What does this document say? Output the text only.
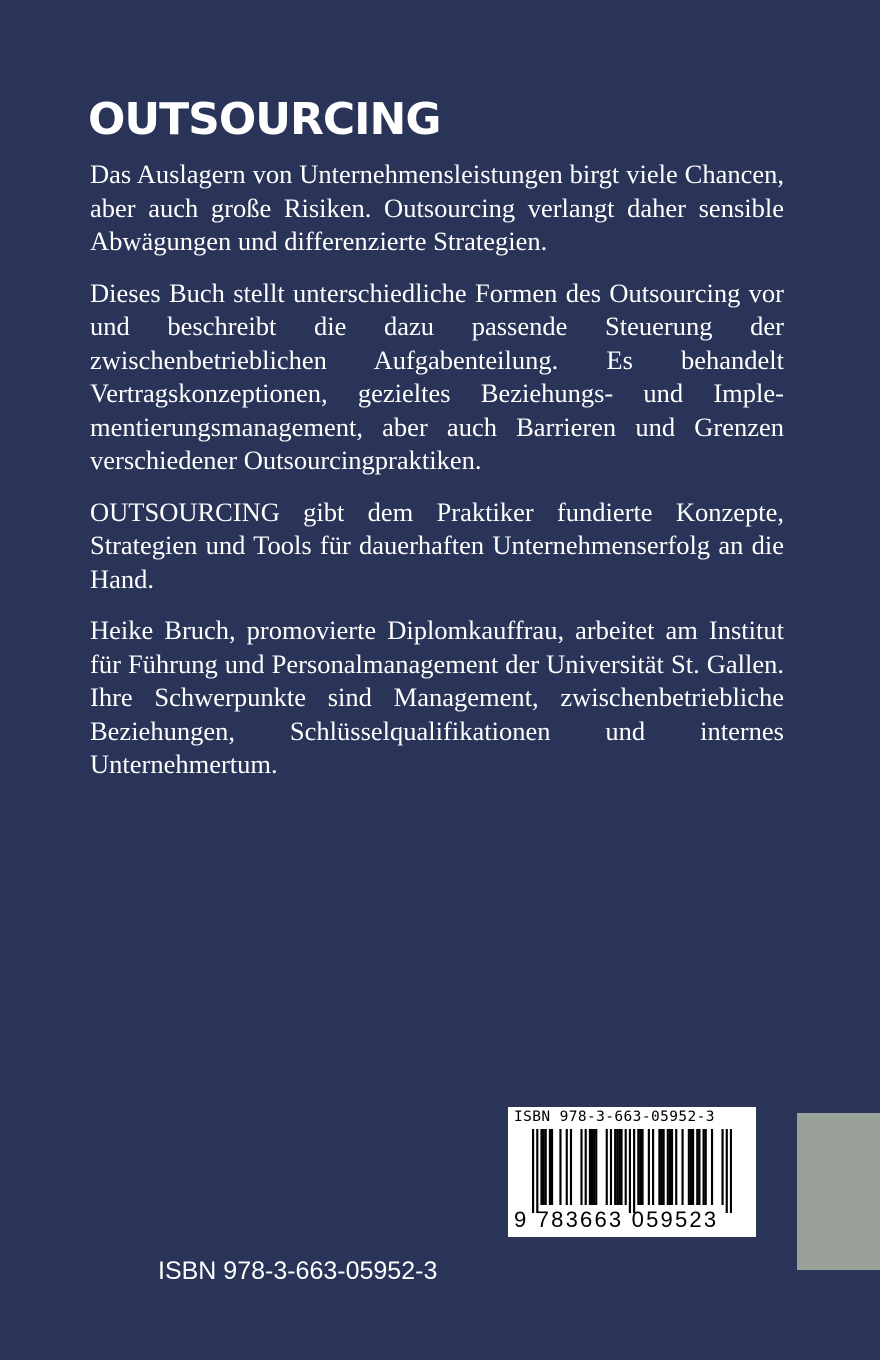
OUTSOURCING

Das Auslagern von Unternehmensleistungen birgt viele Chancen, aber auch große Risiken. Outsourcing verlangt daher sensible Abwägungen und differenzierte Strategien.

Dieses Buch stellt unterschiedliche Formen des Outsourcing vor und beschreibt die dazu passende Steuerung der zwischenbetrieblichen Aufgabenteilung. Es behandelt Vertragskonzeptionen, gezieltes Beziehungs- und Implementierungsmanagement, aber auch Barrieren und Grenzen verschiedener Outsourcingpraktiken.

OUTSOURCING gibt dem Praktiker fundierte Konzepte, Strategien und Tools für dauerhaften Unternehmenserfolg an die Hand.

Heike Bruch, promovierte Diplomkauffrau, arbeitet am Institut für Führung und Personalmanagement der Universität St. Gallen. Ihre Schwerpunkte sind Management, zwischenbetriebliche Beziehungen, Schlüsselqualifikationen und internes Unternehmertum.

ISBN 978-3-663-05952-3
9 783663 059523
ISBN 978-3-663-05952-3
